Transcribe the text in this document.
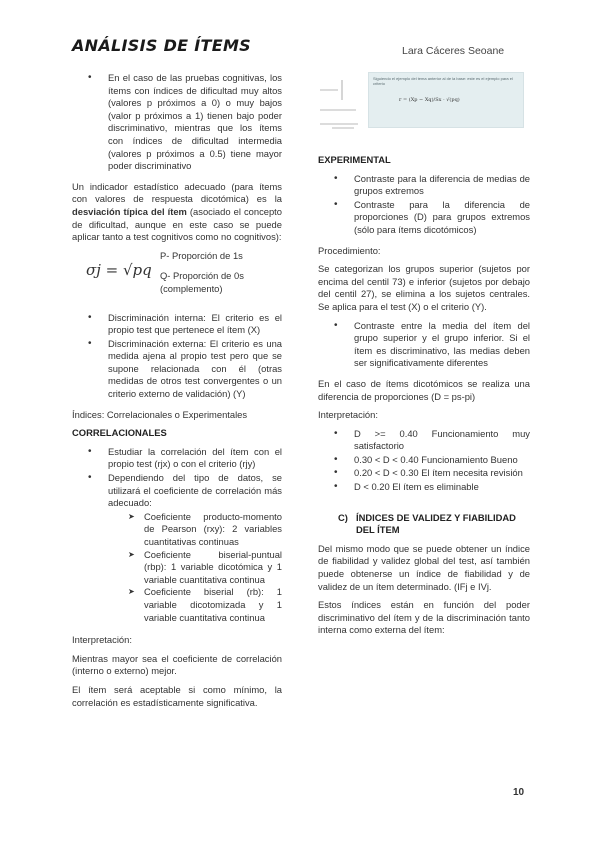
ANÁLISIS DE ÍTEMS	Lara Cáceres Seoane
• En el caso de las pruebas cognitivas, los ítems con índices de dificultad muy altos (valores p próximos a 0) o muy bajos (valor p próximos a 1) tienen bajo poder discriminativo, mientras que los ítems con índices de dificultad intermedia (valores p próximos a 0.5) tiene mayor poder discriminativo

Un indicador estadístico adecuado (para ítems con valores de respuesta dicotómica) es la desviación típica del ítem (asociado el concepto de dificultad, aunque en este caso se puede aplicar tanto a test cognitivos como no cognitivos):

σj = √pq
P- Proporción de 1s
Q- Proporción de 0s (complemento)
• Discriminación interna: El criterio es el propio test que pertenece el ítem (X)
• Discriminación externa: El criterio es una medida ajena al propio test pero que se supone relacionada con él (otras medidas de otros test convergentes o un criterio externo de validación) (Y)

Índices: Correlacionales o Experimentales

CORRELACIONALES
• Estudiar la correlación del ítem con el propio test (rjx) o con el criterio (rjy)
• Dependiendo del tipo de datos, se utilizará el coeficiente de correlación más adecuado:
➤ Coeficiente producto-momento de Pearson (rxy): 2 variables cuantitativas continuas
➤ Coeficiente biserial-puntual (rbp): 1 variable dicotómica y 1 variable cuantitativa continua
➤ Coeficiente biserial (rb): 1 variable dicotomizada y 1 variable cuantitativa continua

Interpretación:

Mientras mayor sea el coeficiente de correlación (interno o externo) mejor.

El ítem será aceptable si como mínimo, la correlación es estadísticamente significativa.

Siguiendo el ejemplo del tema anterior al de la base: este es el ejemplo para el criterio
r = (Xp − Xq)/Sx · √(pq)
EXPERIMENTAL
• Contraste para la diferencia de medias de grupos extremos
• Contraste para la diferencia de proporciones (D) para grupos extremos (sólo para ítems dicotómicos)

Procedimiento:

Se categorizan los grupos superior (sujetos por encima del centil 73) e inferior (sujetos por debajo del centil 27), se elimina a los sujetos centrales. Se aplica para el test (X) o el criterio (Y).

• Contraste entre la media del ítem del grupo superior y el grupo inferior. Si el ítem es discriminativo, las medias deben ser significativamente diferentes

En el caso de ítems dicotómicos se realiza una diferencia de proporciones (D = ps-pi)

Interpretación:

• D >= 0.40 Funcionamiento muy satisfactorio
• 0.30 < D < 0.40 Funcionamiento Bueno
• 0.20 < D < 0.30 El ítem necesita revisión
• D < 0.20 El ítem es eliminable
C) ÍNDICES DE VALIDEZ Y FIABILIDAD DEL ÍTEM

Del mismo modo que se puede obtener un índice de fiabilidad y validez global del test, así también puede obtenerse un índice de fiabilidad y de validez de un ítem determinado. (IFj e IVj.

Estos índices están en función del poder discriminativo del ítem y de la discriminación tanto interna como externa del ítem:

10
